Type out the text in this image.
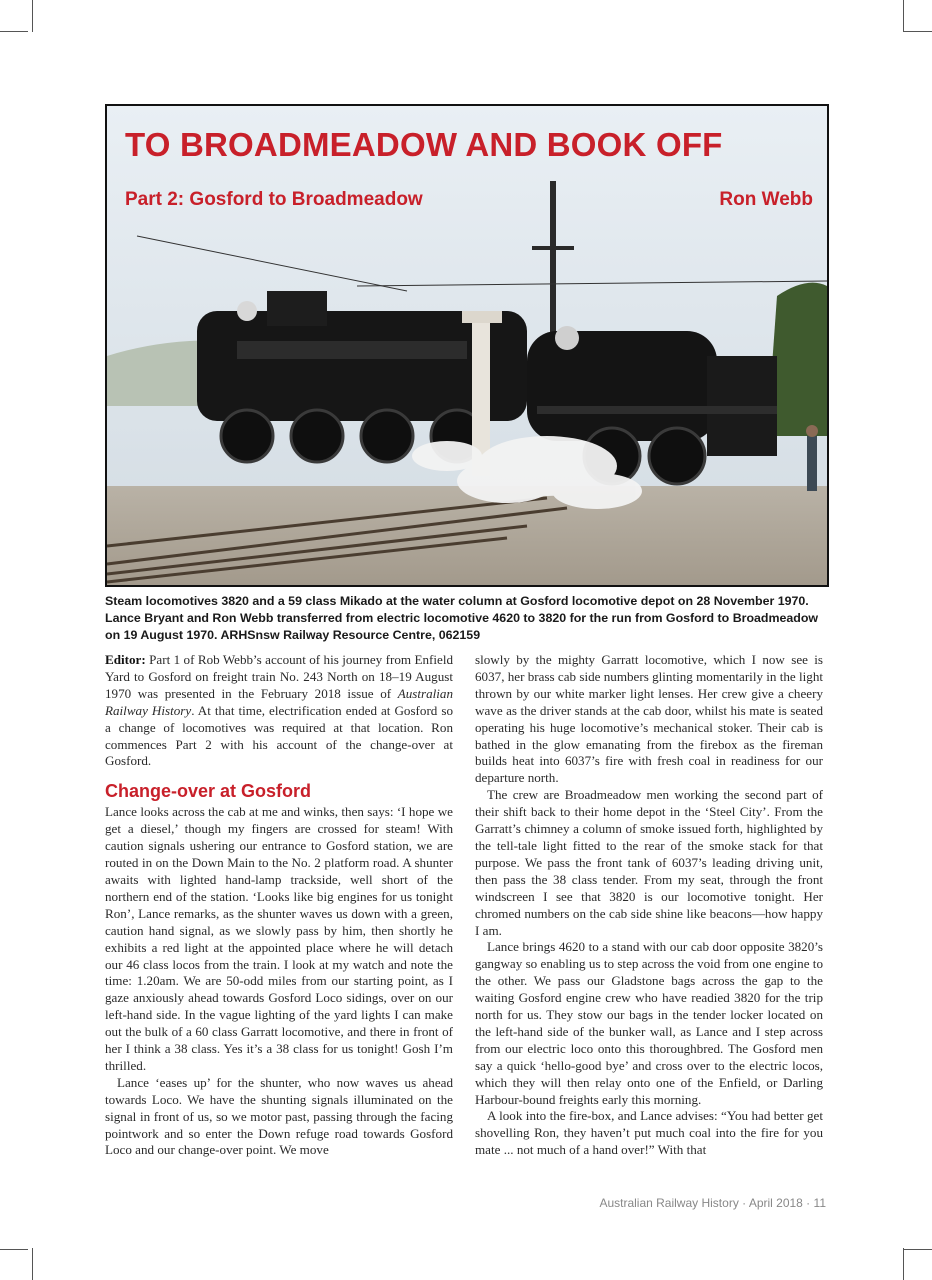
TO BROADMEADOW AND BOOK OFF
Part 2: Gosford to Broadmeadow	Ron Webb
Steam locomotives 3820 and a 59 class Mikado at the water column at Gosford locomotive depot on 28 November 1970. Lance Bryant and Ron Webb transferred from electric locomotive 4620 to 3820 for the run from Gosford to Broadmeadow on 19 August 1970. ARHSnsw Railway Resource Centre, 062159

Editor: Part 1 of Rob Webb’s account of his journey from Enfield Yard to Gosford on freight train No. 243 North on 18–19 August 1970 was presented in the February 2018 issue of Australian Railway History. At that time, electrification ended at Gosford so a change of locomotives was required at that location. Ron commences Part 2 with his account of the change-over at Gosford.

Change-over at Gosford

Lance looks across the cab at me and winks, then says: ‘I hope we get a diesel,’ though my fingers are crossed for steam! With caution signals ushering our entrance to Gosford station, we are routed in on the Down Main to the No. 2 platform road. A shunter awaits with lighted hand-lamp trackside, well short of the northern end of the station. ‘Looks like big engines for us tonight Ron’, Lance remarks, as the shunter waves us down with a green, caution hand signal, as we slowly pass by him, then shortly he exhibits a red light at the appointed place where he will detach our 46 class locos from the train. I look at my watch and note the time: 1.20am. We are 50-odd miles from our starting point, as I gaze anxiously ahead towards Gosford Loco sidings, over on our left-hand side. In the vague lighting of the yard lights I can make out the bulk of a 60 class Garratt locomotive, and there in front of her I think a 38 class. Yes it’s a 38 class for us tonight! Gosh I’m thrilled.

Lance ‘eases up’ for the shunter, who now waves us ahead towards Loco. We have the shunting signals illuminated on the signal in front of us, so we motor past, passing through the facing pointwork and so enter the Down refuge road towards Gosford Loco and our change-over point. We move

slowly by the mighty Garratt locomotive, which I now see is 6037, her brass cab side numbers glinting momentarily in the light thrown by our white marker light lenses. Her crew give a cheery wave as the driver stands at the cab door, whilst his mate is seated operating his huge locomotive’s mechanical stoker. Their cab is bathed in the glow emanating from the firebox as the fireman builds heat into 6037’s fire with fresh coal in readiness for our departure north.

The crew are Broadmeadow men working the second part of their shift back to their home depot in the ‘Steel City’. From the Garratt’s chimney a column of smoke issued forth, highlighted by the tell-tale light fitted to the rear of the smoke stack for that purpose. We pass the front tank of 6037’s leading driving unit, then pass the 38 class tender. From my seat, through the front windscreen I see that 3820 is our locomotive tonight. Her chromed numbers on the cab side shine like beacons—how happy I am.

Lance brings 4620 to a stand with our cab door opposite 3820’s gangway so enabling us to step across the void from one engine to the other. We pass our Gladstone bags across the gap to the waiting Gosford engine crew who have readied 3820 for the trip north for us. They stow our bags in the tender locker located on the left-hand side of the bunker wall, as Lance and I step across from our electric loco onto this thoroughbred. The Gosford men say a quick ‘hello-good bye’ and cross over to the electric locos, which they will then relay onto one of the Enfield, or Darling Harbour-bound freights early this morning.

A look into the fire-box, and Lance advises: “You had better get shovelling Ron, they haven’t put much coal into the fire for you mate ... not much of a hand over!” With that

Australian Railway History · April 2018 · 11
